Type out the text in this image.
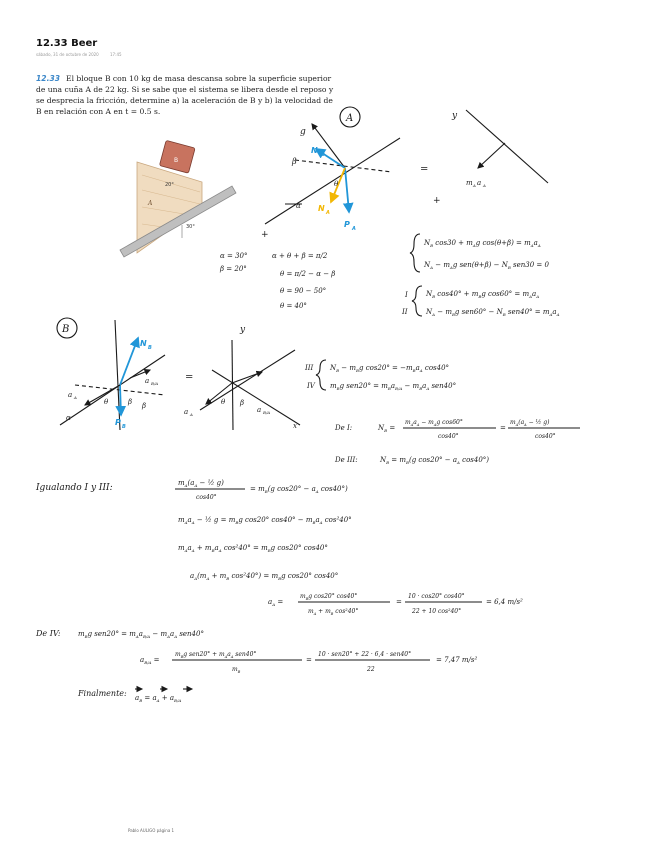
12.33 Beer
sábado, 31 de octubre de 2020	17:45
12.33 El bloque B con 10 kg de masa descansa sobre la superficie superior de una cuña A de 22 kg. Si se sabe que el sistema se libera desde el reposo y se desprecia la fricción, determine a) la aceleración de B y b) la velocidad de B en relación con A en t = 0.5 s.
B
A
20°
30°
A
g
N B
P A
N A
β
θ
α
+
=
y
m A a A
+
α = 30°
β = 20°
α + θ + β = π/2
θ = π/2 − α − β
θ = 90 − 50°
θ = 40°
$N_B$ $\cos 30 + m_Ag$ $\cos(\theta+\beta) = m_Aa_A$
$N_A - m_Ag$ $sen(\theta+\beta) - N_B$ sen30 = 0
I
II
$N_B$ $\cos 40^\circ + m_Bg$ $\cos 60^\circ = m_Aa_A$
$N_A - m_Bg$ $sen60^\circ - N_B$ $sen40^\circ = m_Aa_A$
B
N B
P B
a A
a B/A
θ	β β
α
=
y
x
a A
a B/A
θ β
III
IV
$N_B - m_Bg$ $\cos 20^\circ = -m_Ba_A$ cos40°
$m_Bg$ $sen20^\circ = m_Ba_{B/A} - m_Ba_A$ sen40°
De I:	$N_B$ =
$m_Aa_A - m_Ag$ cos60°
cos40°
=
$m_A(a_A$ − ½ g)
cos40°
De III:	$N_B = m_B(g$ $\cos 20^\circ - a_A$ cos40°)
Igualando I y III:	$m_A(a_A$ − ½ g)
cos40°
= $m_B(g$ $\cos 20^\circ - a_A$ cos40°)
$m_Aa_A$ − ½ $g = m_Bg$ cos20° $\cos 40^\circ - m_Ba_A$ cos²40°
$m_Aa_A + m_Ba_A$ $\cos^240^\circ = m_Bg$ cos20° cos40°
$a_A(m_A + m_B$ $\cos^240^\circ) = m_Bg$ cos20° cos40°
$a_A$ =
$m_Bg$ cos20° cos40°
$m_A + m_B$ cos²40°
=
10 · cos20° cos40°
22 + 10 cos²40°
= 6,4 m/s²
De IV: $m_Bg$ $sen20^\circ = m_Aa_{B/A} - m_Aa_A$ sen40°
$a_{B/A}$ =
$m_Bg$ $sen20^\circ + m_Aa_A$ sen40°
$m_B$
=
10 · sen20° + 22 · 6,4 · sen40°
22
= 7,47 m/s²
Finalmente: $a_B = a_A + a_{B/A}$
Pablo AULIGO página 1
